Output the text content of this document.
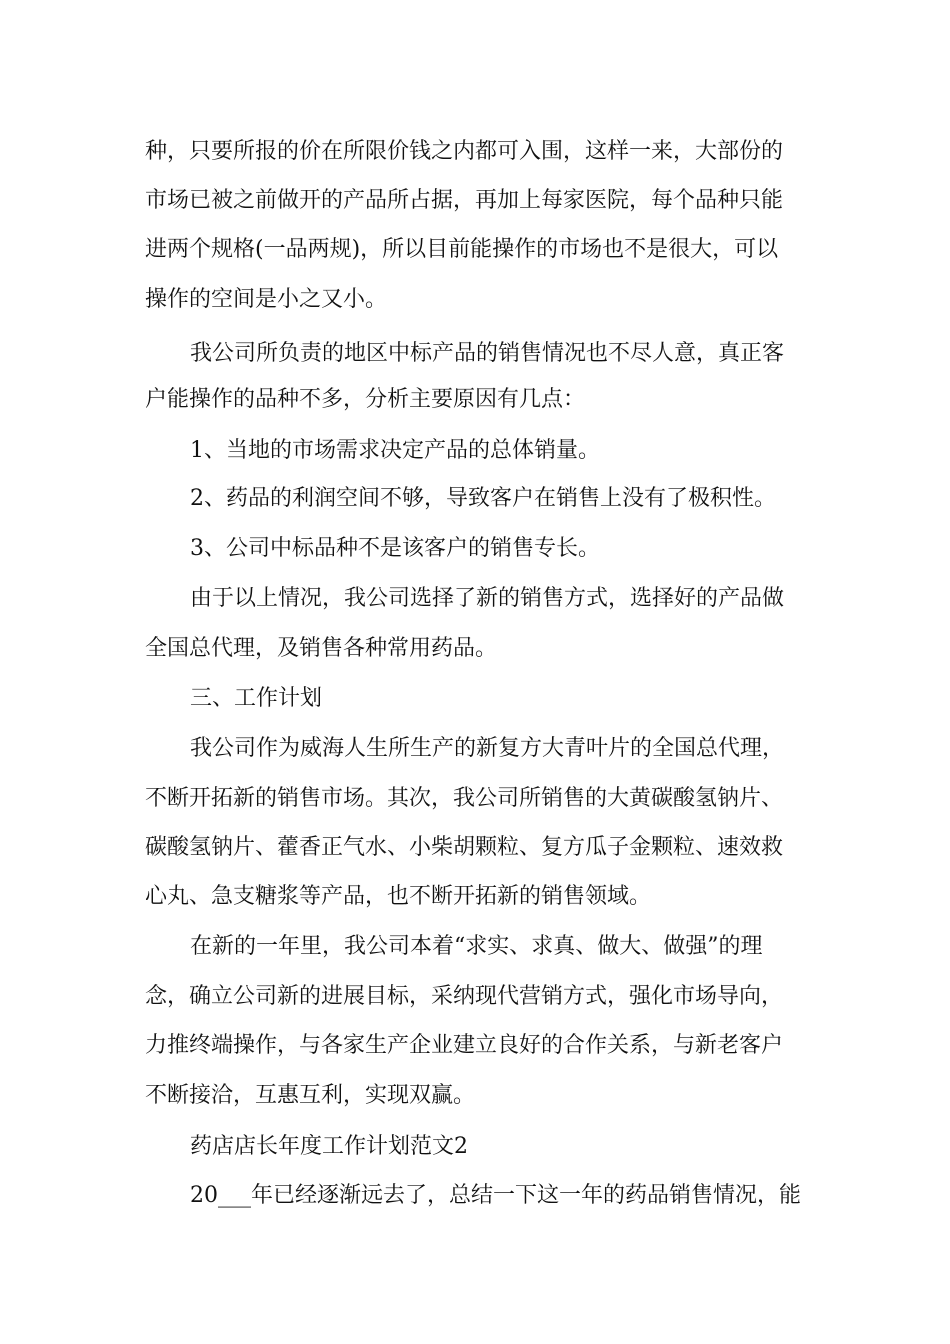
种，只要所报的价在所限价钱之内都可入围，这样一来，大部份的
市场已被之前做开的产品所占据，再加上每家医院，每个品种只能
进两个规格(一品两规)，所以目前能操作的市场也不是很大，可以
操作的空间是小之又小。
我公司所负责的地区中标产品的销售情况也不尽人意，真正客
户能操作的品种不多，分析主要原因有几点：
1、当地的市场需求决定产品的总体销量。
2、药品的利润空间不够，导致客户在销售上没有了极积性。
3、公司中标品种不是该客户的销售专长。
由于以上情况，我公司选择了新的销售方式，选择好的产品做
全国总代理，及销售各种常用药品。
三、工作计划
我公司作为威海人生所生产的新复方大青叶片的全国总代理，
不断开拓新的销售市场。其次，我公司所销售的大黄碳酸氢钠片、
碳酸氢钠片、藿香正气水、小柴胡颗粒、复方瓜子金颗粒、速效救
心丸、急支糖浆等产品，也不断开拓新的销售领域。
在新的一年里，我公司本着“求实、求真、做大、做强”的理
念，确立公司新的进展目标，采纳现代营销方式，强化市场导向，
力推终端操作，与各家生产企业建立良好的合作关系，与新老客户
不断接洽，互惠互利，实现双赢。
药店店长年度工作计划范文2
20___年已经逐渐远去了，总结一下这一年的药品销售情况，能
